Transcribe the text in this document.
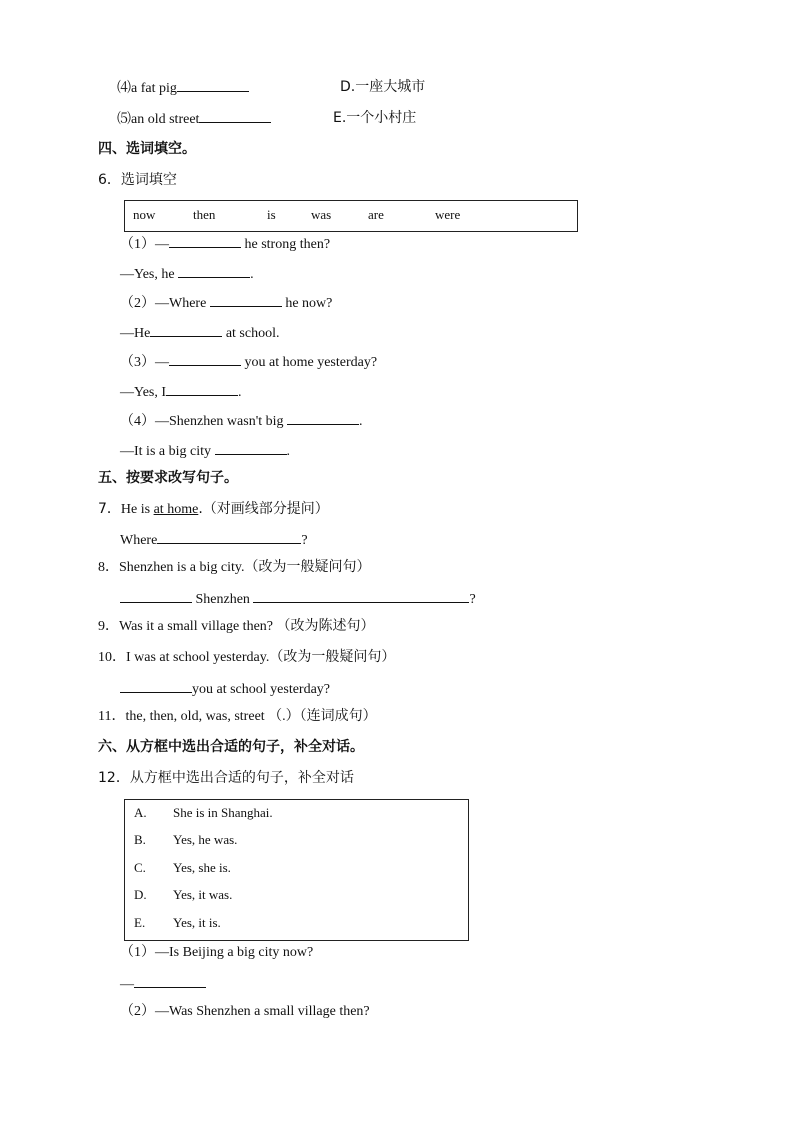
⑷a fat pig	D.一座大城市
⑸an old street	E.一个小村庄
四、选词填空。
6．选词填空
now	then	is	was	are	were
（1）—	he strong then?
—Yes, he	.
（2）—Where	he now?
—He	at school.
（3）—	you at home yesterday?
—Yes, I	.
（4）—Shenzhen wasn't big	.
—It is a big city	.
五、按要求改写句子。
7．He is at home.（对画线部分提问）
Where	?
8．Shenzhen is a big city.（改为一般疑问句）
Shenzhen	?
9．Was it a small village then? （改为陈述句）
10．I was at school yesterday.（改为一般疑问句）
you at school yesterday?
11．the, then, old, was, street （.）（连词成句）
六、从方框中选出合适的句子，补全对话。
12．从方框中选出合适的句子，补全对话
A. She is in Shanghai.
B. Yes, he was.
C. Yes, she is.
D. Yes, it was.
E. Yes, it is.
（1）—Is Beijing a big city now?
—
（2）—Was Shenzhen a small village then?
